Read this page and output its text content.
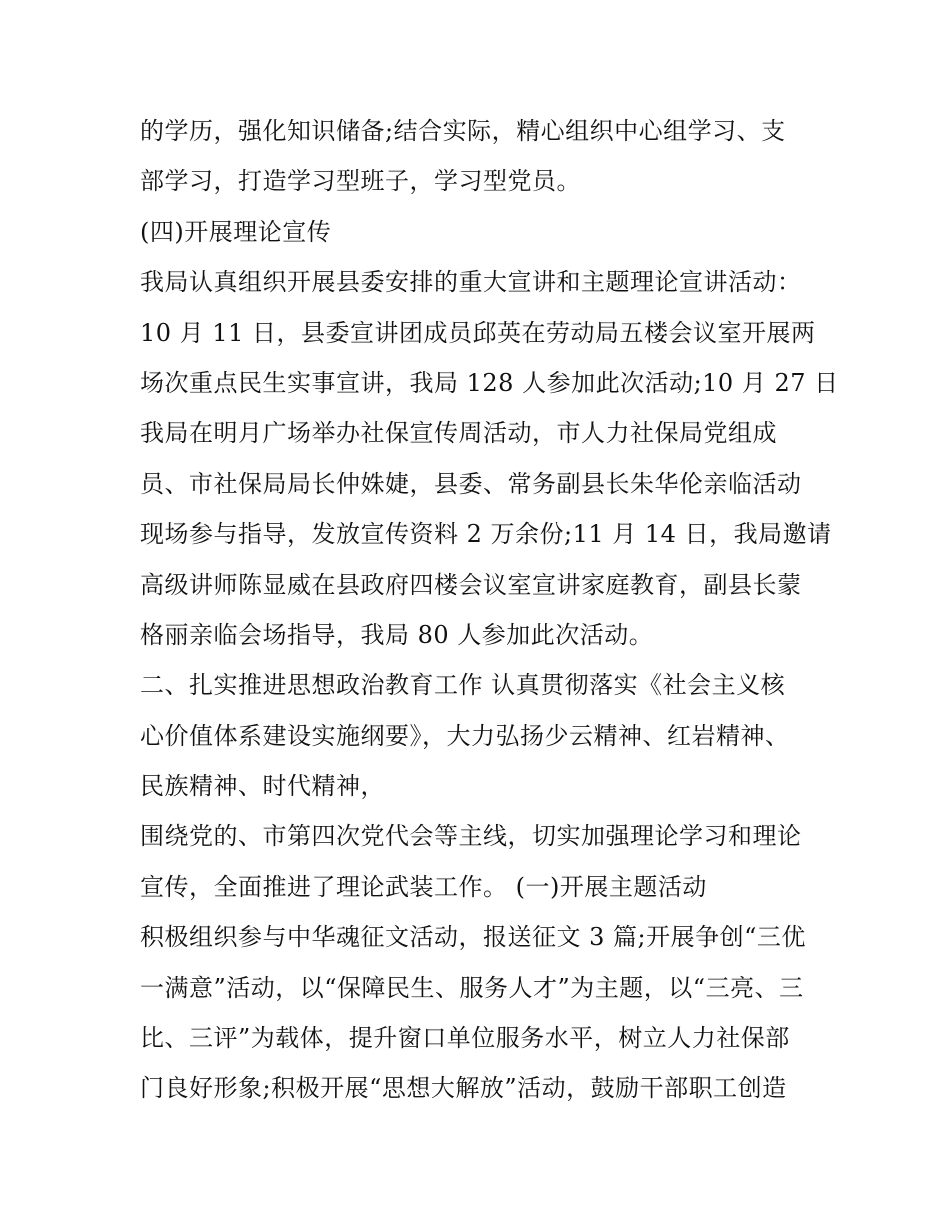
的学历，强化知识储备;结合实际，精心组织中心组学习、支

部学习，打造学习型班子，学习型党员。

(四)开展理论宣传

我局认真组织开展县委安排的重大宣讲和主题理论宣讲活动：

10 月 11 日，县委宣讲团成员邱英在劳动局五楼会议室开展两

场次重点民生实事宣讲，我局 128 人参加此次活动;10 月 27 日

我局在明月广场举办社保宣传周活动，市人力社保局党组成

员、市社保局局长仲姝婕，县委、常务副县长朱华伦亲临活动

现场参与指导，发放宣传资料 2 万余份;11 月 14 日，我局邀请

高级讲师陈显威在县政府四楼会议室宣讲家庭教育，副县长蒙

格丽亲临会场指导，我局 80 人参加此次活动。

二、扎实推进思想政治教育工作 认真贯彻落实《社会主义核

心价值体系建设实施纲要》，大力弘扬少云精神、红岩精神、

民族精神、时代精神，

围绕党的、市第四次党代会等主线，切实加强理论学习和理论

宣传，全面推进了理论武装工作。 (一)开展主题活动

积极组织参与中华魂征文活动，报送征文 3 篇;开展争创“三优

一满意”活动，以“保障民生、服务人才”为主题，以“三亮、三

比、三评”为载体，提升窗口单位服务水平，树立人力社保部

门良好形象;积极开展“思想大解放”活动，鼓励干部职工创造
